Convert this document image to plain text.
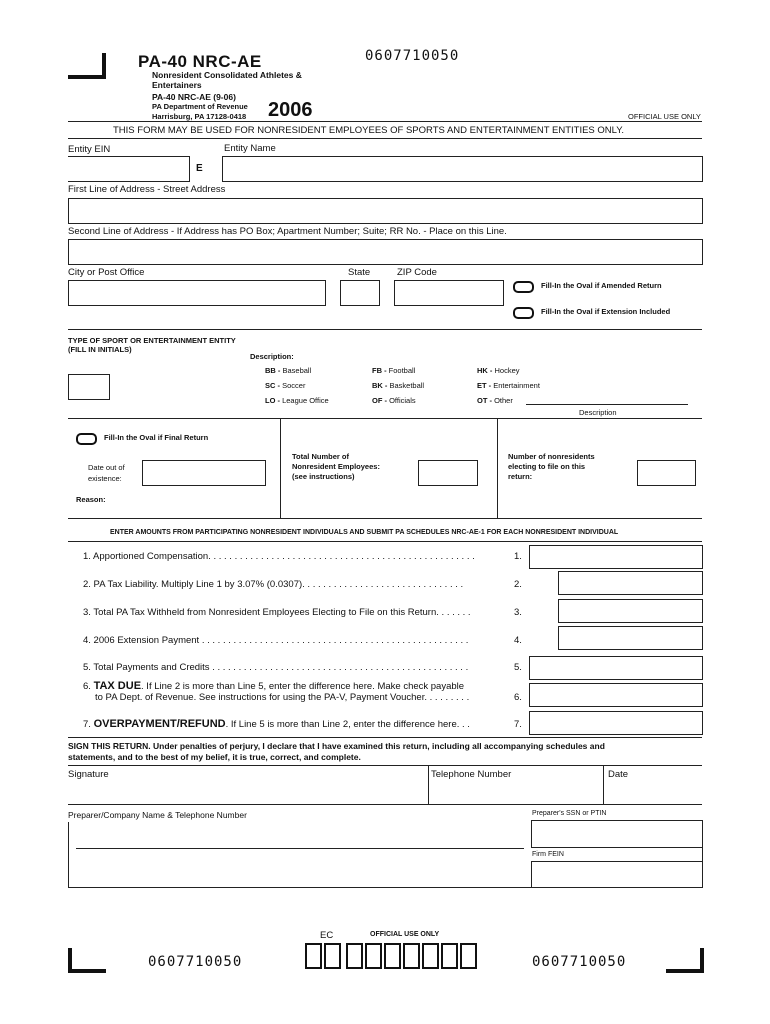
PA-40 NRC-AE	0607710050
Nonresident Consolidated Athletes &
Entertainers
PA-40 NRC-AE (9-06)
PA Department of Revenue
Harrisburg, PA 17128-0418 2006	OFFICIAL USE ONLY
THIS FORM MAY BE USED FOR NONRESIDENT EMPLOYEES OF SPORTS AND ENTERTAINMENT ENTITIES ONLY.
Entity EIN	Entity Name
E
First Line of Address - Street Address
Second Line of Address - If Address has PO Box; Apartment Number; Suite; RR No. - Place on this Line.
City or Post Office	State	ZIP Code
Fill-In the Oval if Amended Return
Fill-In the Oval if Extension Included
TYPE OF SPORT OR ENTERTAINMENT ENTITY
(FILL IN INITIALS)
Description:
BB - Baseball	FB - Football	HK - Hockey
SC - Soccer	BK - Basketball	ET - Entertainment
LO - League Office	OF - Officials	OT - Other
Description
Fill-In the Oval if Final Return
Date out of
existence:
Reason:
Total Number of
Nonresident Employees:
(see instructions)
Number of nonresidents
electing to file on this
return:
ENTER AMOUNTS FROM PARTICIPATING NONRESIDENT INDIVIDUALS AND SUBMIT PA SCHEDULES NRC-AE-1 FOR EACH NONRESIDENT INDIVIDUAL
1. Apportioned Compensation. . . . . . . . . . . . . . . . . . . . . . . . . . . . . . . . . . . . . . . . . . . . . . . . . . .	1.
2. PA Tax Liability. Multiply Line 1 by 3.07% (0.0307). . . . . . . . . . . . . . . . . . . . . . . . . . . . . . .	2.
3. Total PA Tax Withheld from Nonresident Employees Electing to File on this Return. . . . . . .	3.
4. 2006 Extension Payment . . . . . . . . . . . . . . . . . . . . . . . . . . . . . . . . . . . . . . . . . . . . . . . . . . .	4.
5. Total Payments and Credits . . . . . . . . . . . . . . . . . . . . . . . . . . . . . . . . . . . . . . . . . . . . . . . . .	5.
6. TAX DUE. If Line 2 is more than Line 5, enter the difference here. Make check payable
to PA Dept. of Revenue. See instructions for using the PA-V, Payment Voucher. . . . . . . . .	6.
7. OVERPAYMENT/REFUND. If Line 5 is more than Line 2, enter the difference here. . .	7.
SIGN THIS RETURN. Under penalties of perjury, I declare that I have examined this return, including all accompanying schedules and
statements, and to the best of my belief, it is true, correct, and complete.
Signature	Telephone Number	Date
Preparer/Company Name & Telephone Number	Preparer's SSN or PTIN
Firm FEIN
EC	OFFICIAL USE ONLY
0607710050	0607710050
